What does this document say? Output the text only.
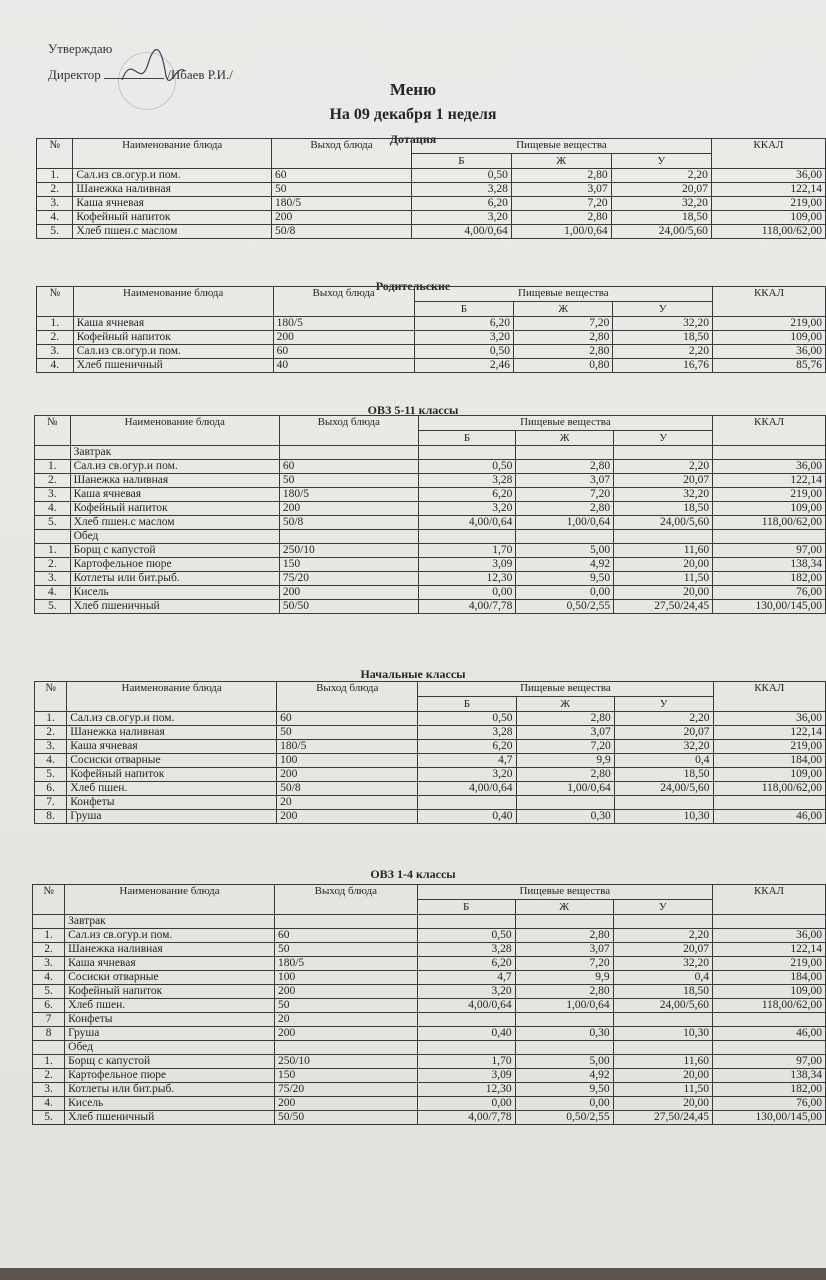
Утверждаю
Директор	/Ибаев Р.И./
Меню
На 09 декабря 1 неделя
Дотация
№	Наименование блюда	Выход блюда	Пищевые вещества			ККАЛ
			Б	Ж	У	
1.	Сал.из св.огур.и пом.	60	0,50	2,80	2,20	36,00
2.	Шанежка наливная	50	3,28	3,07	20,07	122,14
3.	Каша ячневая	180/5	6,20	7,20	32,20	219,00
4.	Кофейный напиток	200	3,20	2,80	18,50	109,00
5.	Хлеб пшен.с маслом	50/8	4,00/0,64	1,00/0,64	24,00/5,60	118,00/62,00
Родительские
№	Наименование блюда	Выход блюда	Пищевые вещества			ККАЛ
			Б	Ж	У	
1.	Каша ячневая	180/5	6,20	7,20	32,20	219,00
2.	Кофейный напиток	200	3,20	2,80	18,50	109,00
3.	Сал.из св.огур.и пом.	60	0,50	2,80	2,20	36,00
4.	Хлеб пшеничный	40	2,46	0,80	16,76	85,76
ОВЗ 5-11 классы
№	Наименование блюда	Выход блюда	Пищевые вещества			ККАЛ
			Б	Ж	У	
	Завтрак					
1.	Сал.из св.огур.и пом.	60	0,50	2,80	2,20	36,00
2.	Шанежка наливная	50	3,28	3,07	20,07	122,14
3.	Каша ячневая	180/5	6,20	7,20	32,20	219,00
4.	Кофейный напиток	200	3,20	2,80	18,50	109,00
5.	Хлеб пшен.с маслом	50/8	4,00/0,64	1,00/0,64	24,00/5,60	118,00/62,00
	Обед					
1.	Борщ с капустой	250/10	1,70	5,00	11,60	97,00
2.	Картофельное пюре	150	3,09	4,92	20,00	138,34
3.	Котлеты или бит.рыб.	75/20	12,30	9,50	11,50	182,00
4.	Кисель	200	0,00	0,00	20,00	76,00
5.	Хлеб пшеничный	50/50	4,00/7,78	0,50/2,55	27,50/24,45	130,00/145,00
Начальные классы
№	Наименование блюда	Выход блюда	Пищевые вещества			ККАЛ
			Б	Ж	У	
1.	Сал.из св.огур.и пом.	60	0,50	2,80	2,20	36,00
2.	Шанежка наливная	50	3,28	3,07	20,07	122,14
3.	Каша ячневая	180/5	6,20	7,20	32,20	219,00
4.	Сосиски отварные	100	4,7	9,9	0,4	184,00
5.	Кофейный напиток	200	3,20	2,80	18,50	109,00
6.	Хлеб пшен.	50/8	4,00/0,64	1,00/0,64	24,00/5,60	118,00/62,00
7.	Конфеты	20				
8.	Груша	200	0,40	0,30	10,30	46,00
ОВЗ 1-4 классы
№	Наименование блюда	Выход блюда	Пищевые вещества			ККАЛ
			Б	Ж	У	
	Завтрак					
1.	Сал.из св.огур.и пом.	60	0,50	2,80	2,20	36,00
2.	Шанежка наливная	50	3,28	3,07	20,07	122,14
3.	Каша ячневая	180/5	6,20	7,20	32,20	219,00
4.	Сосиски отварные	100	4,7	9,9	0,4	184,00
5.	Кофейный напиток	200	3,20	2,80	18,50	109,00
6.	Хлеб пшен.	50	4,00/0,64	1,00/0,64	24,00/5,60	118,00/62,00
7	Конфеты	20				
8	Груша	200	0,40	0,30	10,30	46,00
	Обед					
1.	Борщ с капустой	250/10	1,70	5,00	11,60	97,00
2.	Картофельное пюре	150	3,09	4,92	20,00	138,34
3.	Котлеты или бит.рыб.	75/20	12,30	9,50	11,50	182,00
4.	Кисель	200	0,00	0,00	20,00	76,00
5.	Хлеб пшеничный	50/50	4,00/7,78	0,50/2,55	27,50/24,45	130,00/145,00
